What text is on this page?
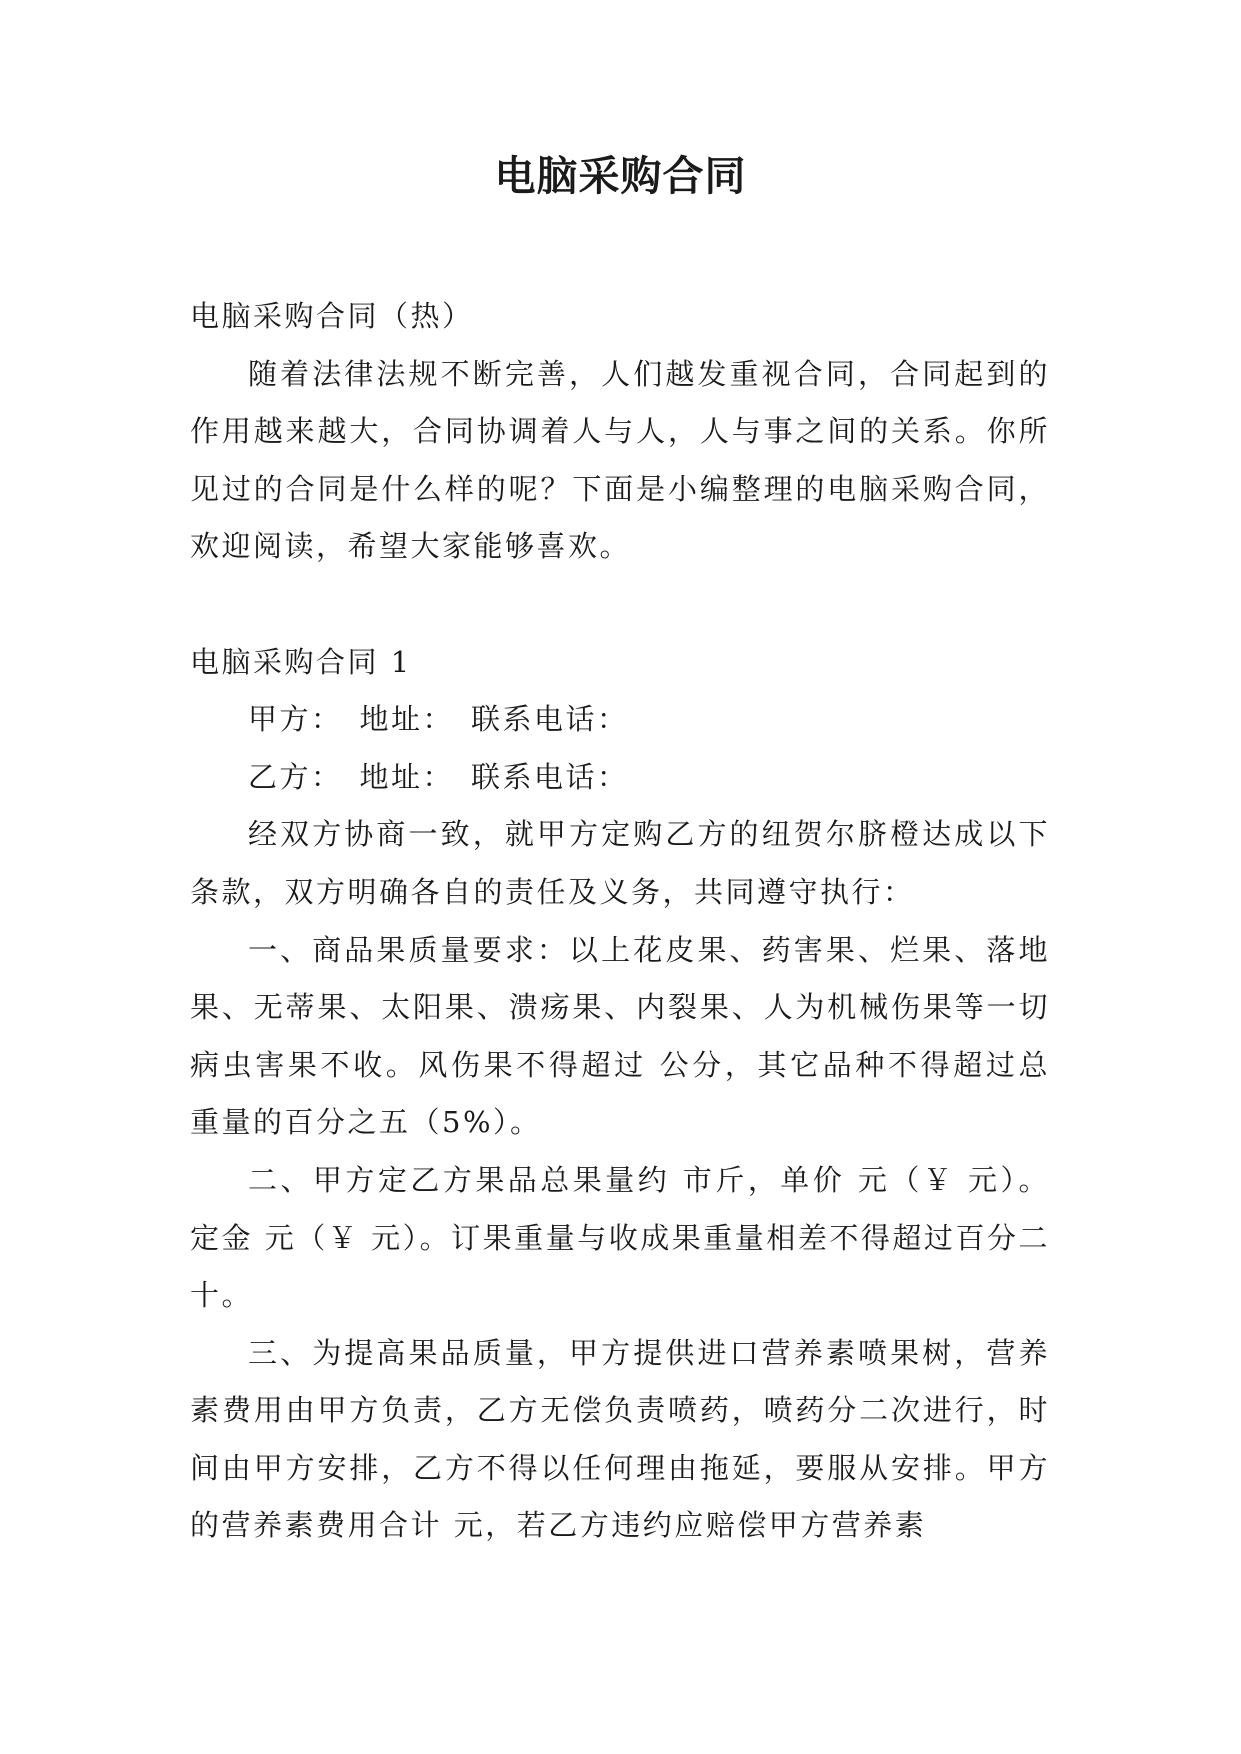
电脑采购合同

电脑采购合同（热）

随着法律法规不断完善，人们越发重视合同，合同起到的作用越来越大，合同协调着人与人，人与事之间的关系。你所见过的合同是什么样的呢？下面是小编整理的电脑采购合同，欢迎阅读，希望大家能够喜欢。

电脑采购合同 1

甲方：　地址：　联系电话：

乙方：　地址：　联系电话：

经双方协商一致，就甲方定购乙方的纽贺尔脐橙达成以下条款，双方明确各自的责任及义务，共同遵守执行：

一、商品果质量要求：以上花皮果、药害果、烂果、落地果、无蒂果、太阳果、溃疡果、内裂果、人为机械伤果等一切病虫害果不收。风伤果不得超过 公分，其它品种不得超过总重量的百分之五（5%）。

二、甲方定乙方果品总果量约 市斤，单价 元（￥ 元）。定金 元（￥ 元）。订果重量与收成果重量相差不得超过百分二十。

三、为提高果品质量，甲方提供进口营养素喷果树，营养素费用由甲方负责，乙方无偿负责喷药，喷药分二次进行，时间由甲方安排，乙方不得以任何理由拖延，要服从安排。甲方的营养素费用合计 元，若乙方违约应赔偿甲方营养素
